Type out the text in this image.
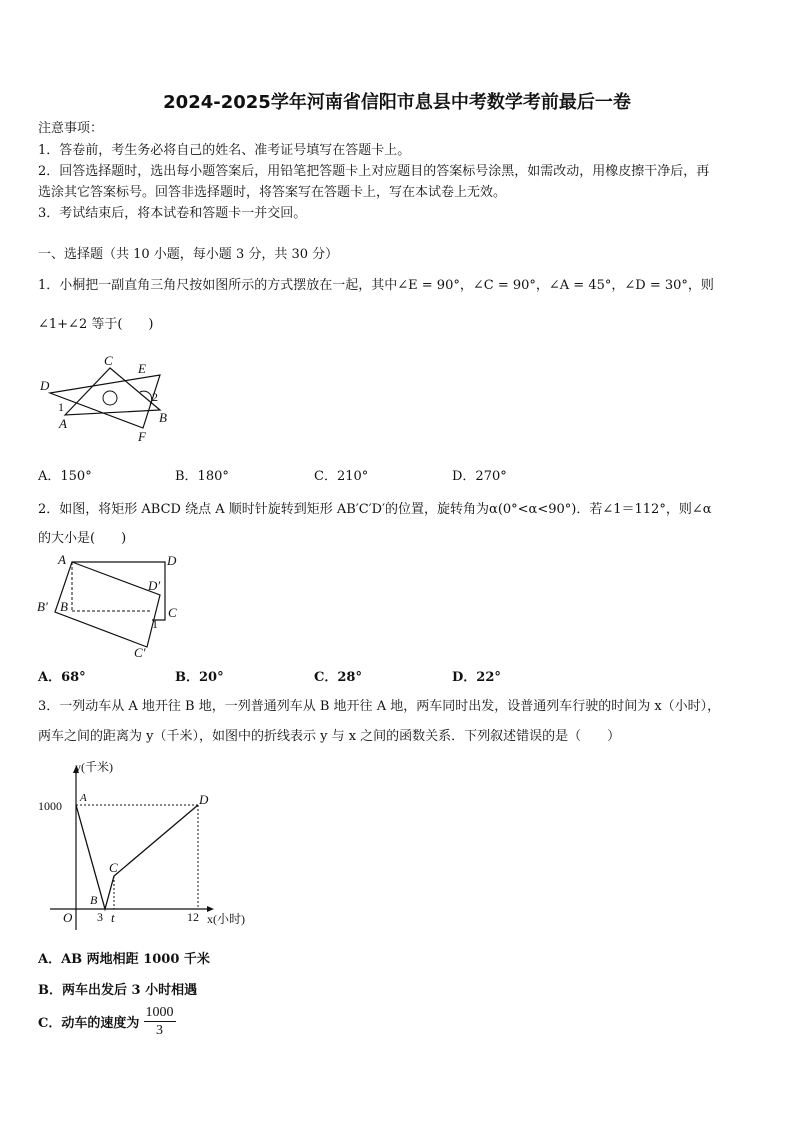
2024-2025学年河南省信阳市息县中考数学考前最后一卷
注意事项：
1．答卷前，考生务必将自己的姓名、准考证号填写在答题卡上。
2．回答选择题时，选出每小题答案后，用铅笔把答题卡上对应题目的答案标号涂黑，如需改动，用橡皮擦干净后，再
选涂其它答案标号。回答非选择题时，将答案写在答题卡上，写在本试卷上无效。
3．考试结束后，将本试卷和答题卡一并交回。
一、选择题（共 10 小题，每小题 3 分，共 30 分）
1．小桐把一副直角三角尺按如图所示的方式摆放在一起，其中∠E = 90°，∠C = 90°，∠A = 45°，∠D = 30°，则
∠1+∠2 等于(　　)
D
C
E
1
2
A	B
F
A．150°	B．180°	C．210°	D．270°
2．如图，将矩形 ABCD 绕点 A 顺时针旋转到矩形 AB′C′D′的位置，旋转角为α(0°<α<90°)．若∠1＝112°，则∠α
的大小是(　　)
A	D
D′
B′ B	C
1
C′
A．68°	B．20°	C．28°	D．22°
3．一列动车从 A 地开往 B 地，一列普通列车从 B 地开往 A 地，两车同时出发，设普通列车行驶的时间为 x（小时），
两车之间的距离为 y（千米），如图中的折线表示 y 与 x 之间的函数关系．下列叙述错误的是（　　）
y(千米)
1000
A	D
C
B
O 3 t	12 x(小时)
A．AB 两地相距 1000 千米
B．两车出发后 3 小时相遇
C．动车的速度为 $\frac{1000}{3}$
